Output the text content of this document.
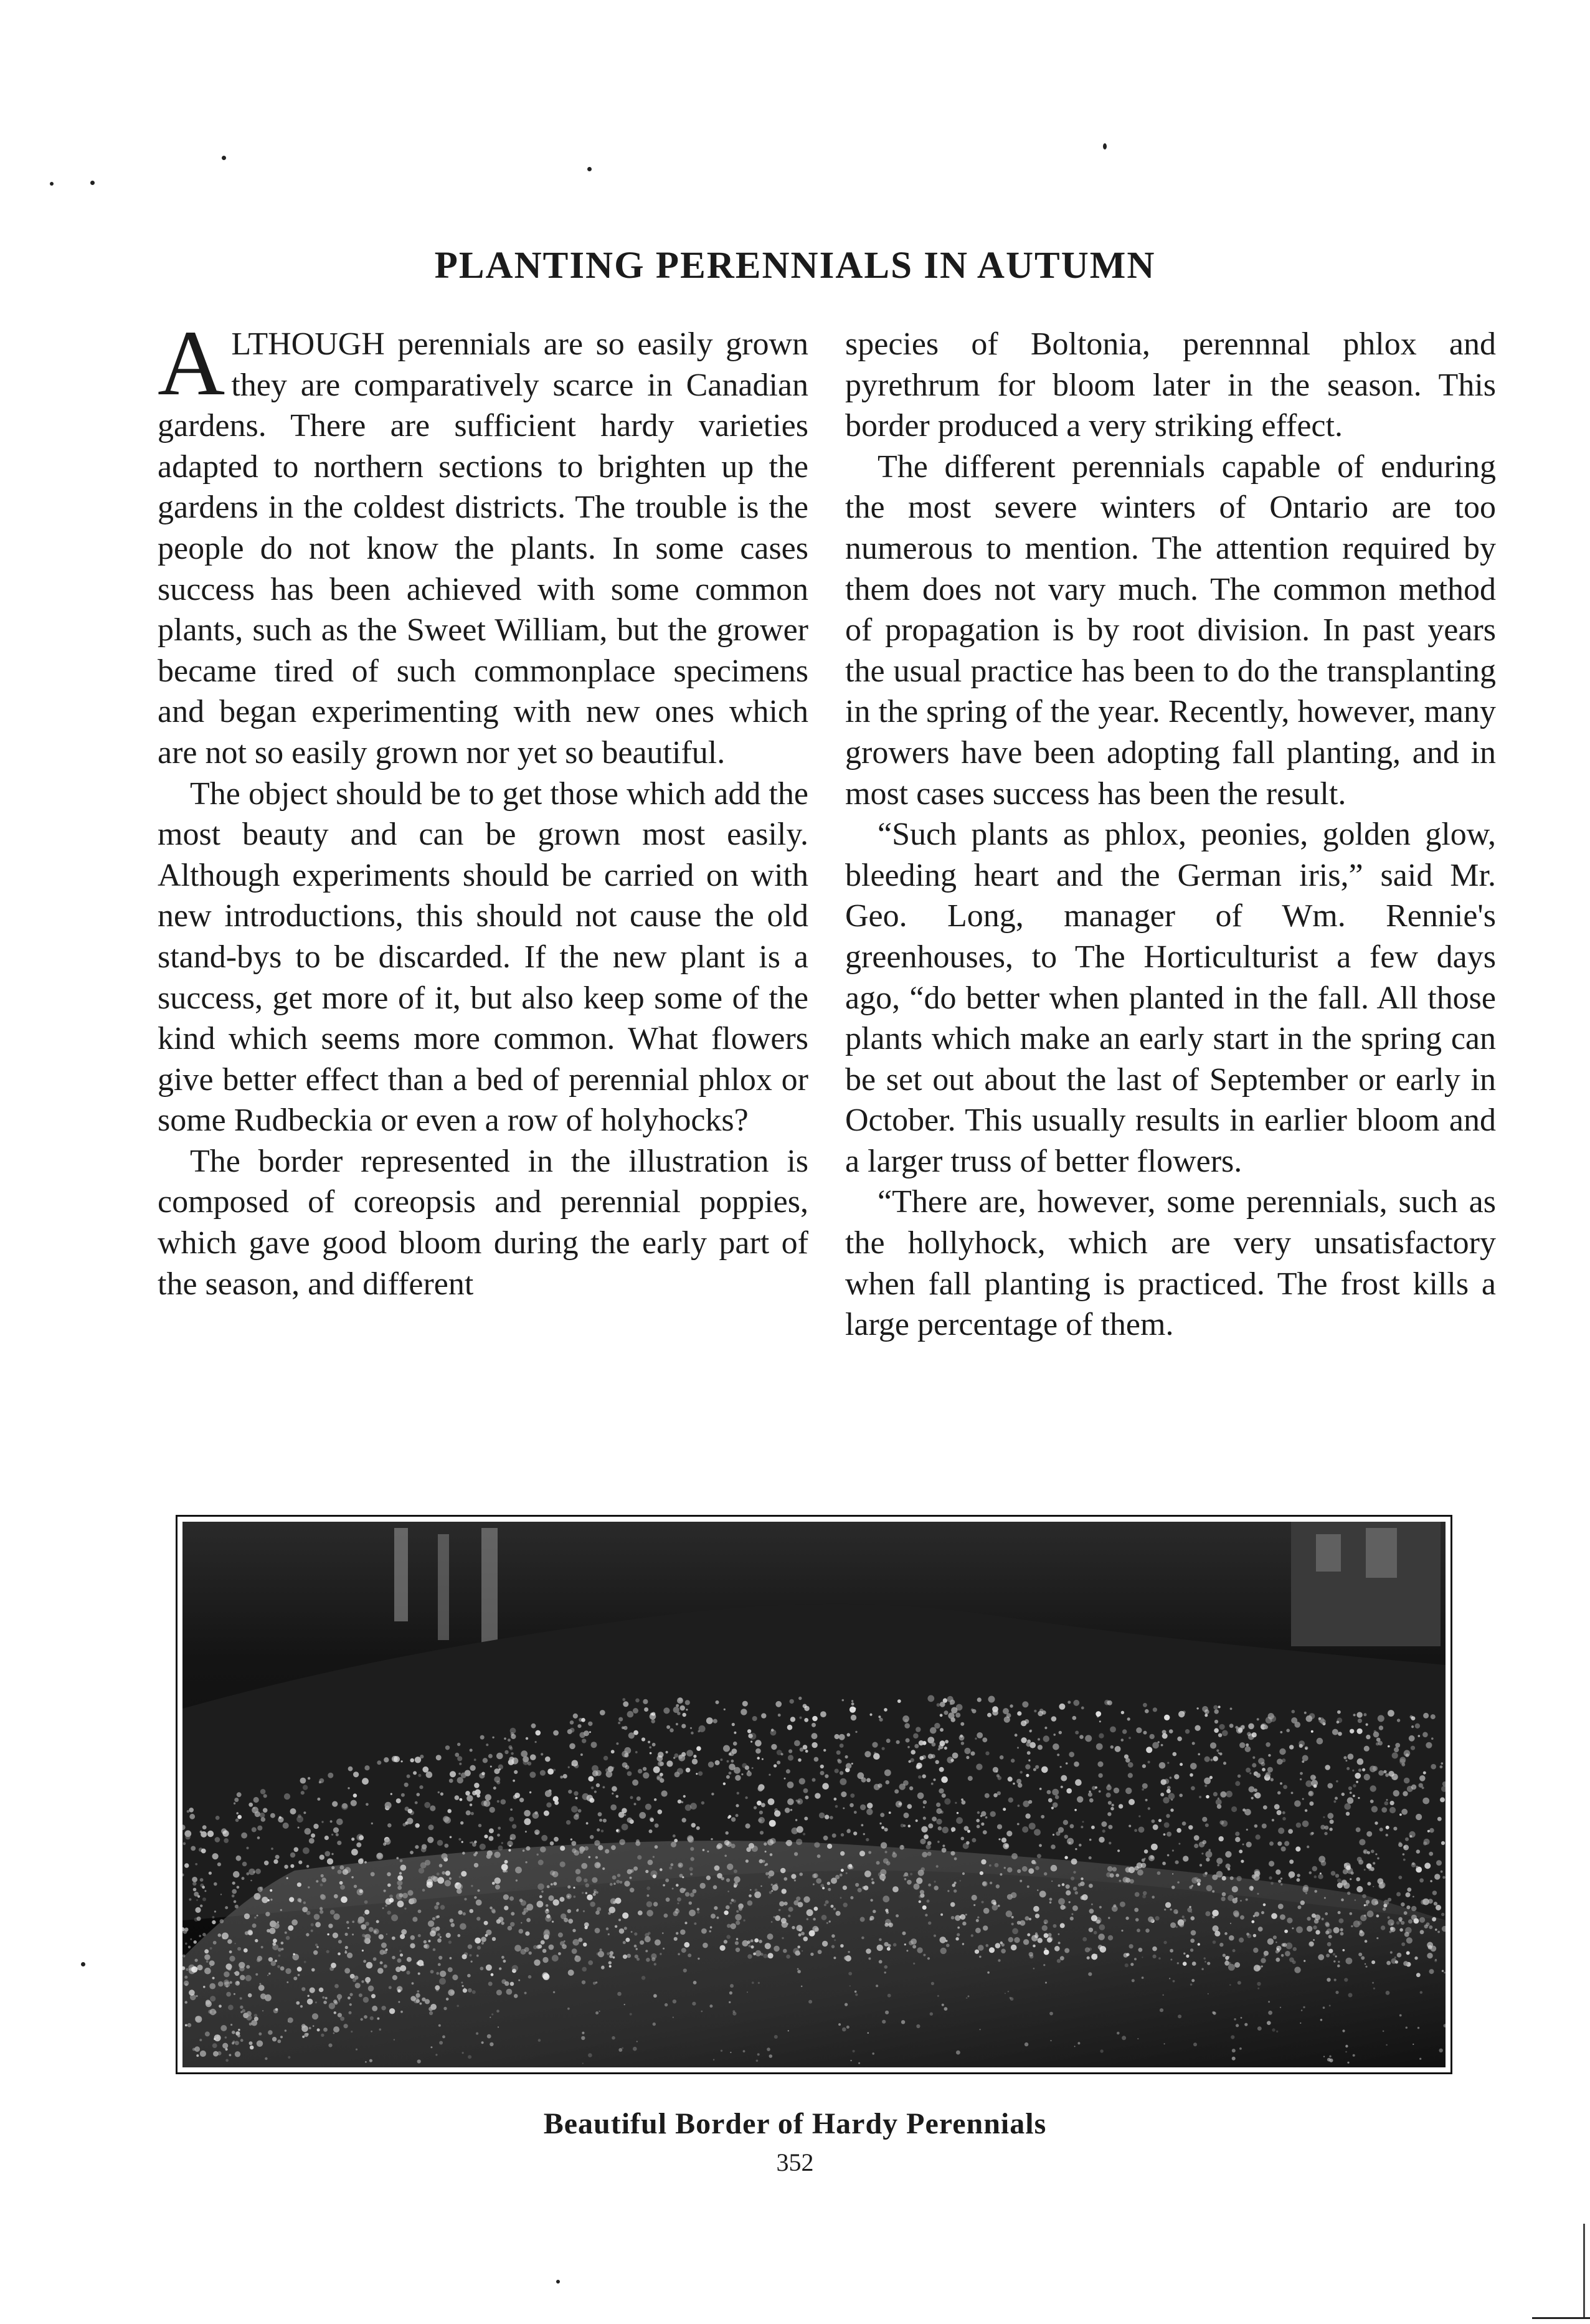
PLANTING PERENNIALS IN AUTUMN

ALTHOUGH perennials are so easily grown they are comparatively scarce in Canadian gardens. There are sufficient hardy varieties adapted to northern sections to brighten up the gardens in the coldest districts. The trouble is the people do not know the plants. In some cases success has been achieved with some common plants, such as the Sweet William, but the grower became tired of such commonplace specimens and began experimenting with new ones which are not so easily grown nor yet so beautiful.

The object should be to get those which add the most beauty and can be grown most easily. Although experiments should be carried on with new introductions, this should not cause the old stand-bys to be discarded. If the new plant is a success, get more of it, but also keep some of the kind which seems more common. What flowers give better effect than a bed of perennial phlox or some Rudbeckia or even a row of holyhocks?

The border represented in the illustration is composed of coreopsis and perennial poppies, which gave good bloom during the early part of the season, and different

species of Boltonia, perennnal phlox and pyrethrum for bloom later in the season. This border produced a very striking effect.

The different perennials capable of enduring the most severe winters of Ontario are too numerous to mention. The attention required by them does not vary much. The common method of propagation is by root division. In past years the usual practice has been to do the transplanting in the spring of the year. Recently, however, many growers have been adopting fall planting, and in most cases success has been the result.

“Such plants as phlox, peonies, golden glow, bleeding heart and the German iris,” said Mr. Geo. Long, manager of Wm. Rennie's greenhouses, to The Horticulturist a few days ago, “do better when planted in the fall. All those plants which make an early start in the spring can be set out about the last of September or early in October. This usually results in earlier bloom and a larger truss of better flowers.

“There are, however, some perennials, such as the hollyhock, which are very unsatisfactory when fall planting is practiced. The frost kills a large percentage of them.

Beautiful Border of Hardy Perennials
352
